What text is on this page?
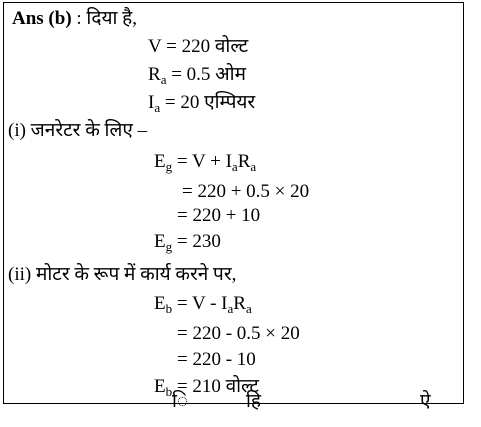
Ans (b) : दिया है,
V = 220 वोल्ट
$R_a = 0.5$ ओम
$I_a = 20$ एम्पियर
(i) जनरेटर के लिए –
$E_g = V + I_aR_a$
= 220 + 0.5 × 20
= 220 + 10
$E_g = 230$
(ii) मोटर के रूप में कार्य करने पर,
$E_b = V - I_aR_a$
= 220 - 0.5 × 20
= 220 - 10
$E_b = 210$ वोल्ट
ि	हि	ऐ
